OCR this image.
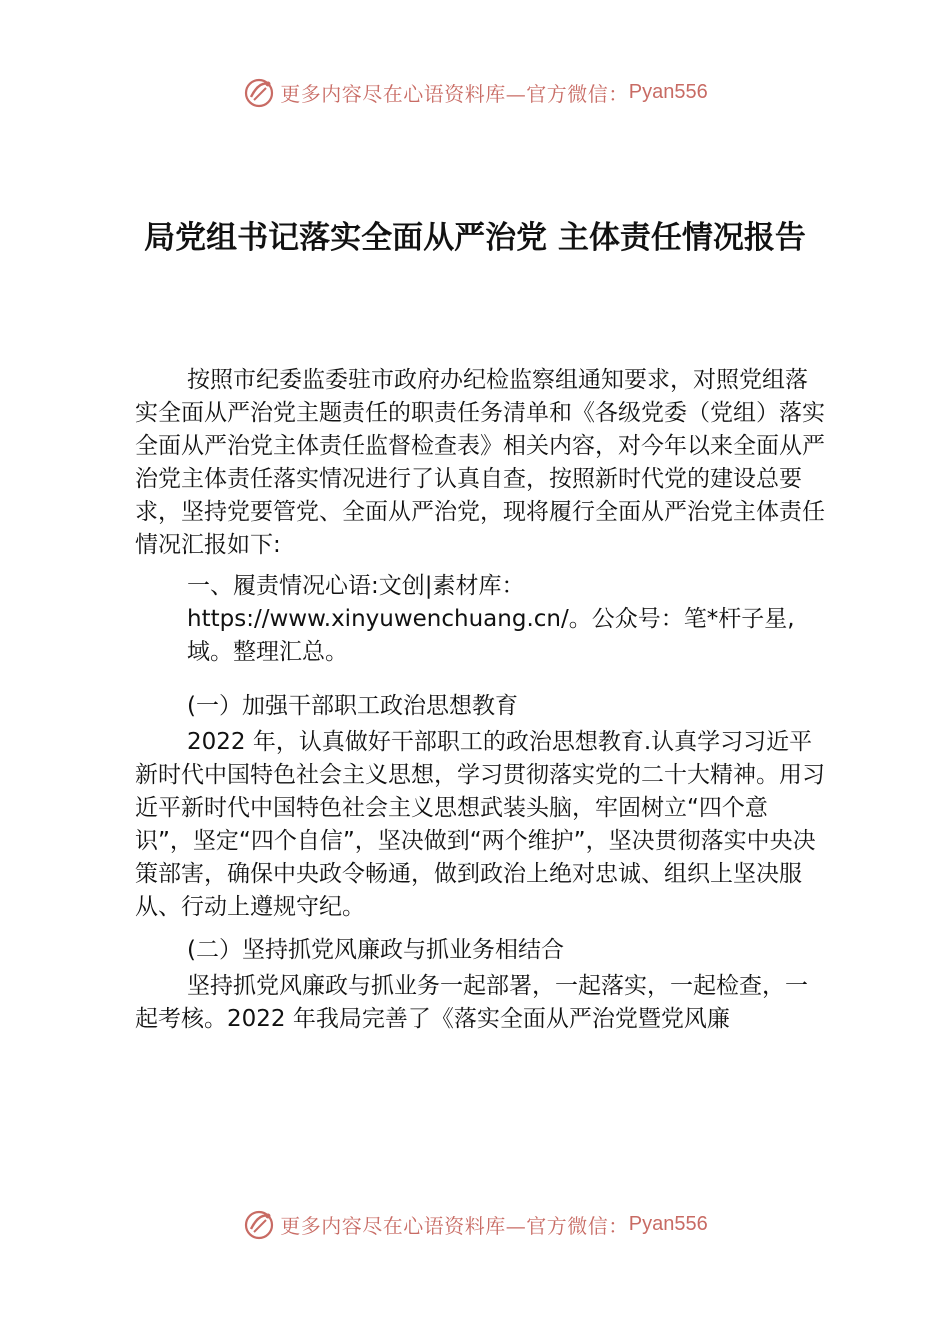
更多内容尽在心语资料库—官方微信： Pyan556
局党组书记落实全面从严治党 主体责任情况报告

按照市纪委监委驻市政府办纪检监察组通知要求，对照党组落实全面从严治党主题责任的职责任务清单和《各级党委（党组）落实全面从严治党主体责任监督检查表》相关内容，对今年以来全面从严治党主体责任落实情况进行了认真自查，按照新时代党的建设总要求，坚持党要管党、全面从严治党，现将履行全面从严治党主体责任情况汇报如下:

一、履责情况心语:文创|素材库：https://www.xinyuwenchuang.cn/。公众号：笔*杆子星,域。整理汇总。

(一）加强干部职工政治思想教育

2022 年，认真做好干部职工的政治思想教育.认真学习习近平新时代中国特色社会主义思想，学习贯彻落实党的二十大精神。用习近平新时代中国特色社会主义思想武装头脑，牢固树立“四个意识”，坚定“四个自信”，坚决做到“两个维护”，坚决贯彻落实中央决策部害，确保中央政令畅通，做到政治上绝对忠诚、组织上坚决服从、行动上遵规守纪。

(二）坚持抓党风廉政与抓业务相结合

坚持抓党风廉政与抓业务一起部署，一起落实，一起检查，一起考核。2022 年我局完善了《落实全面从严治党暨党风廉

更多内容尽在心语资料库—官方微信： Pyan556
